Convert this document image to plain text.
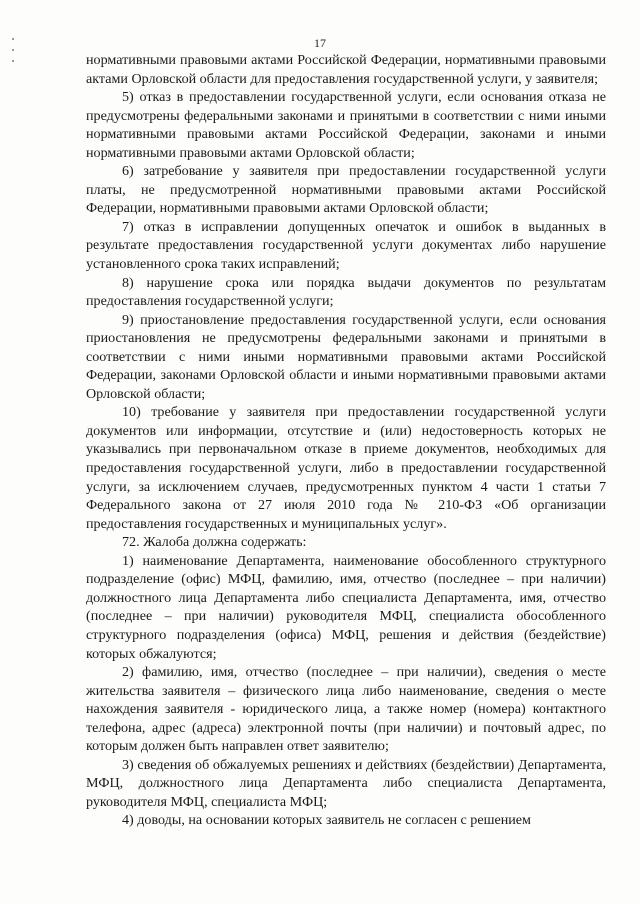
17

нормативными правовыми актами Российской Федерации, нормативными правовыми актами Орловской области для предоставления государственной услуги, у заявителя;

5) отказ в предоставлении государственной услуги, если основания отказа не предусмотрены федеральными законами и принятыми в соответствии с ними иными нормативными правовыми актами Российской Федерации, законами и иными нормативными правовыми актами Орловской области;

6) затребование у заявителя при предоставлении государственной услуги платы, не предусмотренной нормативными правовыми актами Российской Федерации, нормативными правовыми актами Орловской области;

7) отказ в исправлении допущенных опечаток и ошибок в выданных в результате предоставления государственной услуги документах либо нарушение установленного срока таких исправлений;

8) нарушение срока или порядка выдачи документов по результатам предоставления государственной услуги;

9) приостановление предоставления государственной услуги, если основания приостановления не предусмотрены федеральными законами и принятыми в соответствии с ними иными нормативными правовыми актами Российской Федерации, законами Орловской области и иными нормативными правовыми актами Орловской области;

10) требование у заявителя при предоставлении государственной услуги документов или информации, отсутствие и (или) недостоверность которых не указывались при первоначальном отказе в приеме документов, необходимых для предоставления государственной услуги, либо в предоставлении государственной услуги, за исключением случаев, предусмотренных пунктом 4 части 1 статьи 7 Федерального закона от 27 июля 2010 года № 210-ФЗ «Об организации предоставления государственных и муниципальных услуг».

72. Жалоба должна содержать:

1) наименование Департамента, наименование обособленного структурного подразделение (офис) МФЦ, фамилию, имя, отчество (последнее – при наличии) должностного лица Департамента либо специалиста Департамента, имя, отчество (последнее – при наличии) руководителя МФЦ, специалиста обособленного структурного подразделения (офиса) МФЦ, решения и действия (бездействие) которых обжалуются;

2) фамилию, имя, отчество (последнее – при наличии), сведения о месте жительства заявителя – физического лица либо наименование, сведения о месте нахождения заявителя - юридического лица, а также номер (номера) контактного телефона, адрес (адреса) электронной почты (при наличии) и почтовый адрес, по которым должен быть направлен ответ заявителю;

3) сведения об обжалуемых решениях и действиях (бездействии) Департамента, МФЦ, должностного лица Департамента либо специалиста Департамента, руководителя МФЦ, специалиста МФЦ;

4) доводы, на основании которых заявитель не согласен с решением
